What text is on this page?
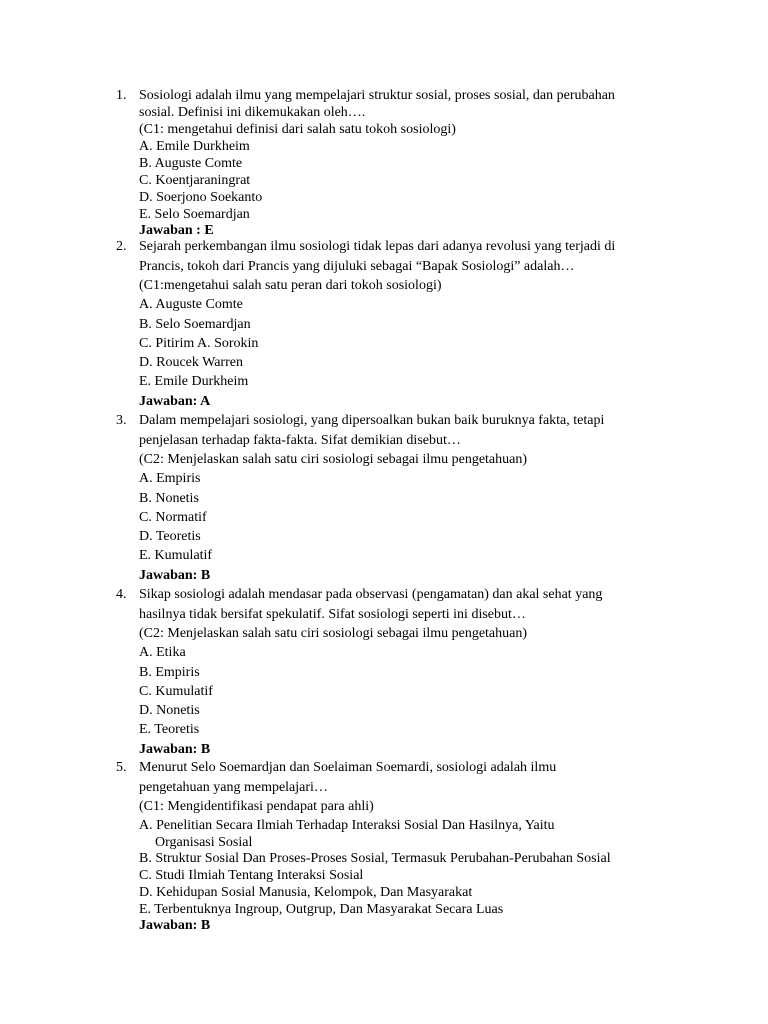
1. Sosiologi adalah ilmu yang mempelajari struktur sosial, proses sosial, dan perubahan
sosial. Definisi ini dikemukakan oleh….
(C1: mengetahui definisi dari salah satu tokoh sosiologi)
A. Emile Durkheim
B. Auguste Comte
C. Koentjaraningrat
D. Soerjono Soekanto
E. Selo Soemardjan
Jawaban : E
2. Sejarah perkembangan ilmu sosiologi tidak lepas dari adanya revolusi yang terjadi di
Prancis, tokoh dari Prancis yang dijuluki sebagai “Bapak Sosiologi” adalah…
(C1:mengetahui salah satu peran dari tokoh sosiologi)
A. Auguste Comte
B. Selo Soemardjan
C. Pitirim A. Sorokin
D. Roucek Warren
E. Emile Durkheim
Jawaban: A
3. Dalam mempelajari sosiologi, yang dipersoalkan bukan baik buruknya fakta, tetapi
penjelasan terhadap fakta-fakta. Sifat demikian disebut…
(C2: Menjelaskan salah satu ciri sosiologi sebagai ilmu pengetahuan)
A. Empiris
B. Nonetis
C. Normatif
D. Teoretis
E. Kumulatif
Jawaban: B
4. Sikap sosiologi adalah mendasar pada observasi (pengamatan) dan akal sehat yang
hasilnya tidak bersifat spekulatif. Sifat sosiologi seperti ini disebut…
(C2: Menjelaskan salah satu ciri sosiologi sebagai ilmu pengetahuan)
A. Etika
B. Empiris
C. Kumulatif
D. Nonetis
E. Teoretis
Jawaban: B
5. Menurut Selo Soemardjan dan Soelaiman Soemardi, sosiologi adalah ilmu
pengetahuan yang mempelajari…
(C1: Mengidentifikasi pendapat para ahli)
A. Penelitian Secara Ilmiah Terhadap Interaksi Sosial Dan Hasilnya, Yaitu
Organisasi Sosial
B. Struktur Sosial Dan Proses-Proses Sosial, Termasuk Perubahan-Perubahan Sosial
C. Studi Ilmiah Tentang Interaksi Sosial
D. Kehidupan Sosial Manusia, Kelompok, Dan Masyarakat
E. Terbentuknya Ingroup, Outgrup, Dan Masyarakat Secara Luas
Jawaban: B
